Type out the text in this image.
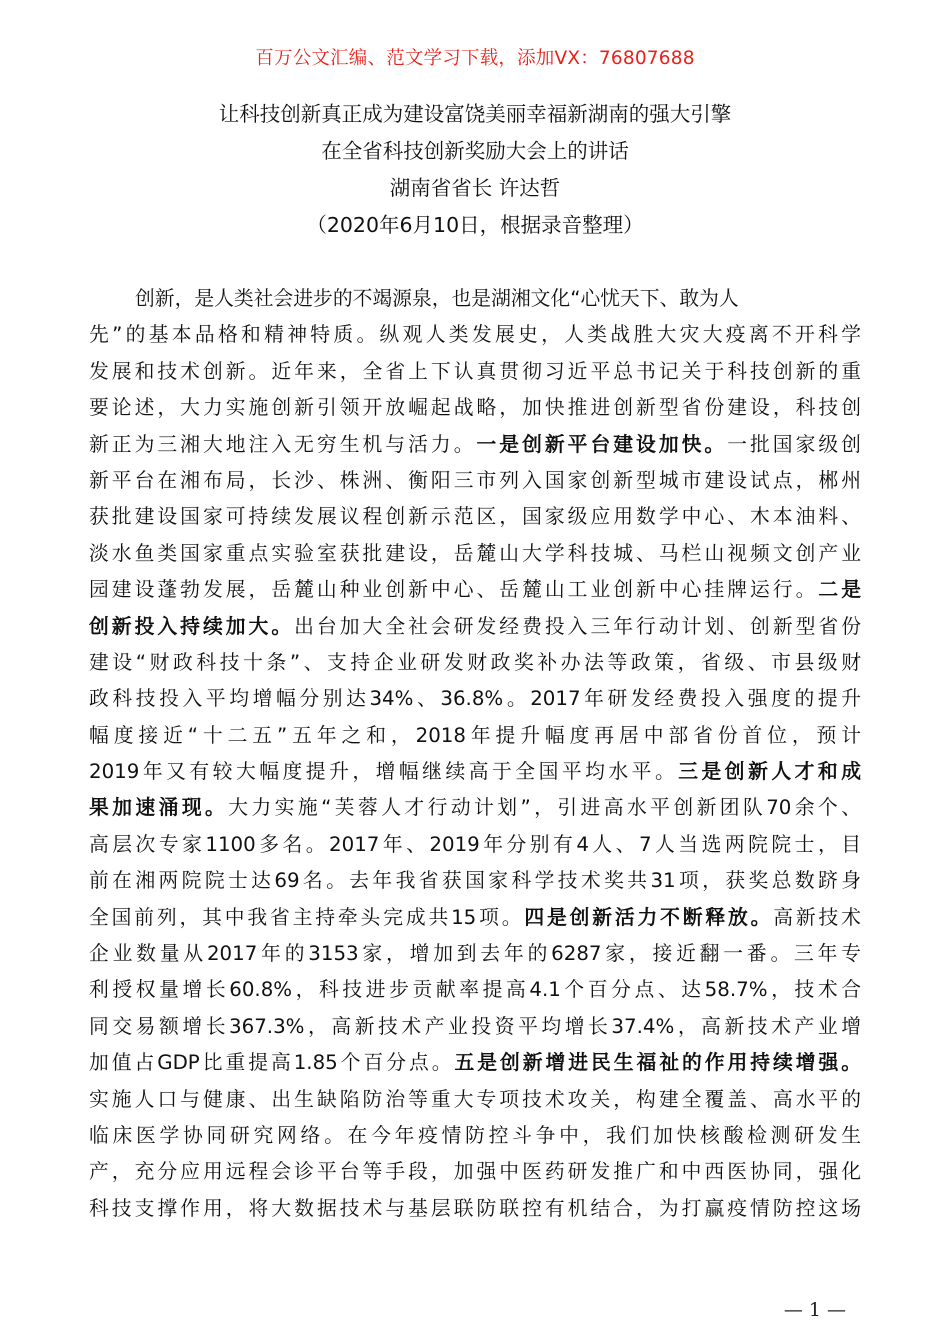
百万公文汇编、范文学习下载，添加VX：76807688
让科技创新真正成为建设富饶美丽幸福新湖南的强大引擎
在全省科技创新奖励大会上的讲话
湖南省省长 许达哲
（2020年6月10日，根据录音整理）
创新，是人类社会进步的不竭源泉，也是湖湘文化“心忧天下、敢为人
先”的基本品格和精神特质。纵观人类发展史，人类战胜大灾大疫离不开科学
发展和技术创新。近年来，全省上下认真贯彻习近平总书记关于科技创新的重
要论述，大力实施创新引领开放崛起战略，加快推进创新型省份建设，科技创
新正为三湘大地注入无穷生机与活力。一是创新平台建设加快。一批国家级创
新平台在湘布局，长沙、株洲、衡阳三市列入国家创新型城市建设试点，郴州
获批建设国家可持续发展议程创新示范区，国家级应用数学中心、木本油料、
淡水鱼类国家重点实验室获批建设，岳麓山大学科技城、马栏山视频文创产业
园建设蓬勃发展，岳麓山种业创新中心、岳麓山工业创新中心挂牌运行。二是
创新投入持续加大。出台加大全社会研发经费投入三年行动计划、创新型省份
建设“财政科技十条”、支持企业研发财政奖补办法等政策，省级、市县级财
政科技投入平均增幅分别达34%、36.8%。2017年研发经费投入强度的提升
幅度接近“十二五”五年之和，2018年提升幅度再居中部省份首位，预计
2019年又有较大幅度提升，增幅继续高于全国平均水平。三是创新人才和成
果加速涌现。大力实施“芙蓉人才行动计划”，引进高水平创新团队70余个、
高层次专家1100多名。2017年、2019年分别有4人、7人当选两院院士，目
前在湘两院院士达69名。去年我省获国家科学技术奖共31项，获奖总数跻身
全国前列，其中我省主持牵头完成共15项。四是创新活力不断释放。高新技术
企业数量从2017年的3153家，增加到去年的6287家，接近翻一番。三年专
利授权量增长60.8%，科技进步贡献率提高4.1个百分点、达58.7%，技术合
同交易额增长367.3%，高新技术产业投资平均增长37.4%，高新技术产业增
加值占GDP比重提高1.85个百分点。五是创新增进民生福祉的作用持续增强。
实施人口与健康、出生缺陷防治等重大专项技术攻关，构建全覆盖、高水平的
临床医学协同研究网络。在今年疫情防控斗争中，我们加快核酸检测研发生
产，充分应用远程会诊平台等手段，加强中医药研发推广和中西医协同，强化
科技支撑作用，将大数据技术与基层联防联控有机结合，为打赢疫情防控这场
— 1 —
